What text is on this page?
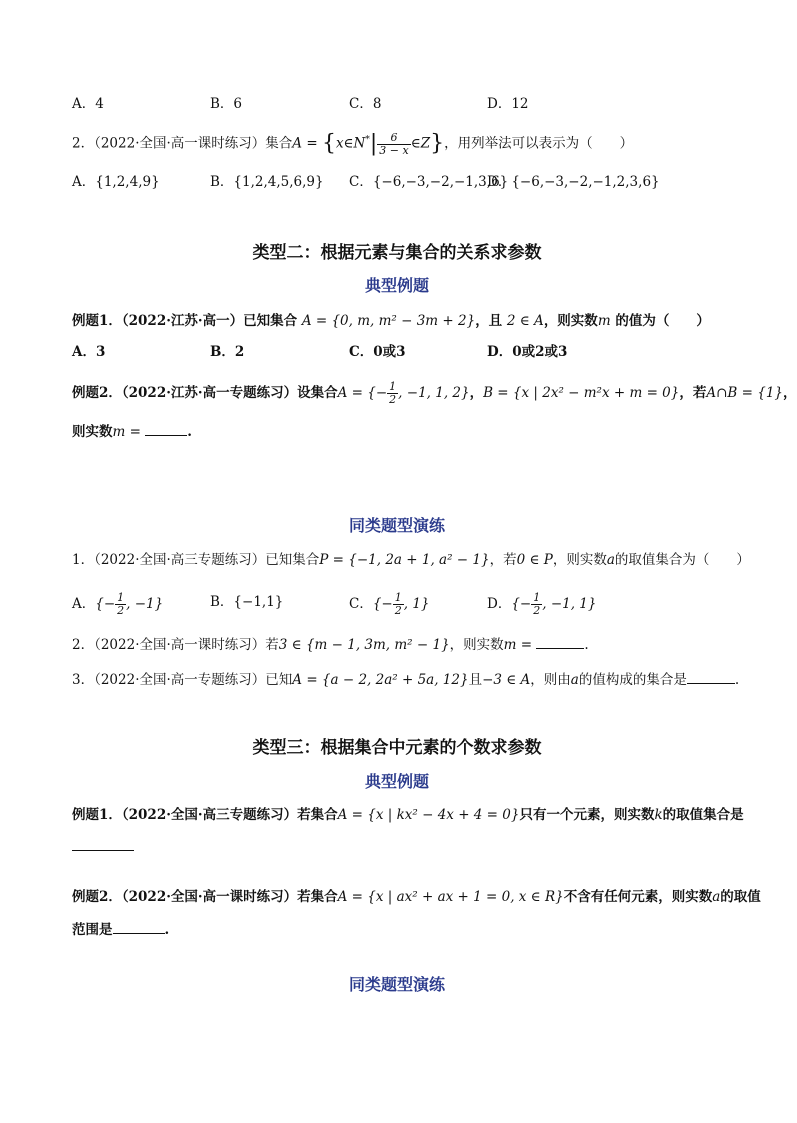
A．4	B．6	C．8	D．12
2．（2022·全国·高一课时练习）集合A = {x∈N*| $\frac{6}{3 - x}$ ∈Z}，用列举法可以表示为（　　）
A．{1,2,4,9}	B．{1,2,4,5,6,9} C．{−6,−3,−2,−1,3,6}
D．{−6,−3,−2,−1,2,3,6}
类型二：根据元素与集合的关系求参数
典型例题
例题1．（2022·江苏·高一）已知集合 A = {0, m, m² − 3m + 2}，且 2 ∈ A，则实数m 的值为（　　）
A．3	B．2	C．0或3	D．0或2或3
例题2．（2022·江苏·高一专题练习）设集合A = {− $\frac{1}{2}$ , −1, 1, 2}，B = {x | 2x² − m²x + m = 0}，若A∩B = {1}，
则实数m =	.
同类题型演练
1．（2022·全国·高三专题练习）已知集合P = {−1, 2a + 1, a² − 1}，若0 ∈ P，则实数a的取值集合为（　　）
A．{− $\frac{1}{2}$ , −1}	B．{−1,1}	C．{− $\frac{1}{2}$ , 1}	D．{− $\frac{1}{2}$ , −1, 1}
2．（2022·全国·高一课时练习）若3 ∈ {m − 1, 3m, m² − 1}，则实数m =	.
3．（2022·全国·高一专题练习）已知A = {a − 2, 2a² + 5a, 12}且−3 ∈ A，则由a的值构成的集合是	.
类型三：根据集合中元素的个数求参数
典型例题
例题1．（2022·全国·高三专题练习）若集合A = {x | kx² − 4x + 4 = 0}只有一个元素，则实数k的取值集合是
例题2．（2022·全国·高一课时练习）若集合A = {x | ax² + ax + 1 = 0, x ∈ R}不含有任何元素，则实数a的取值
范围是	.
同类题型演练
